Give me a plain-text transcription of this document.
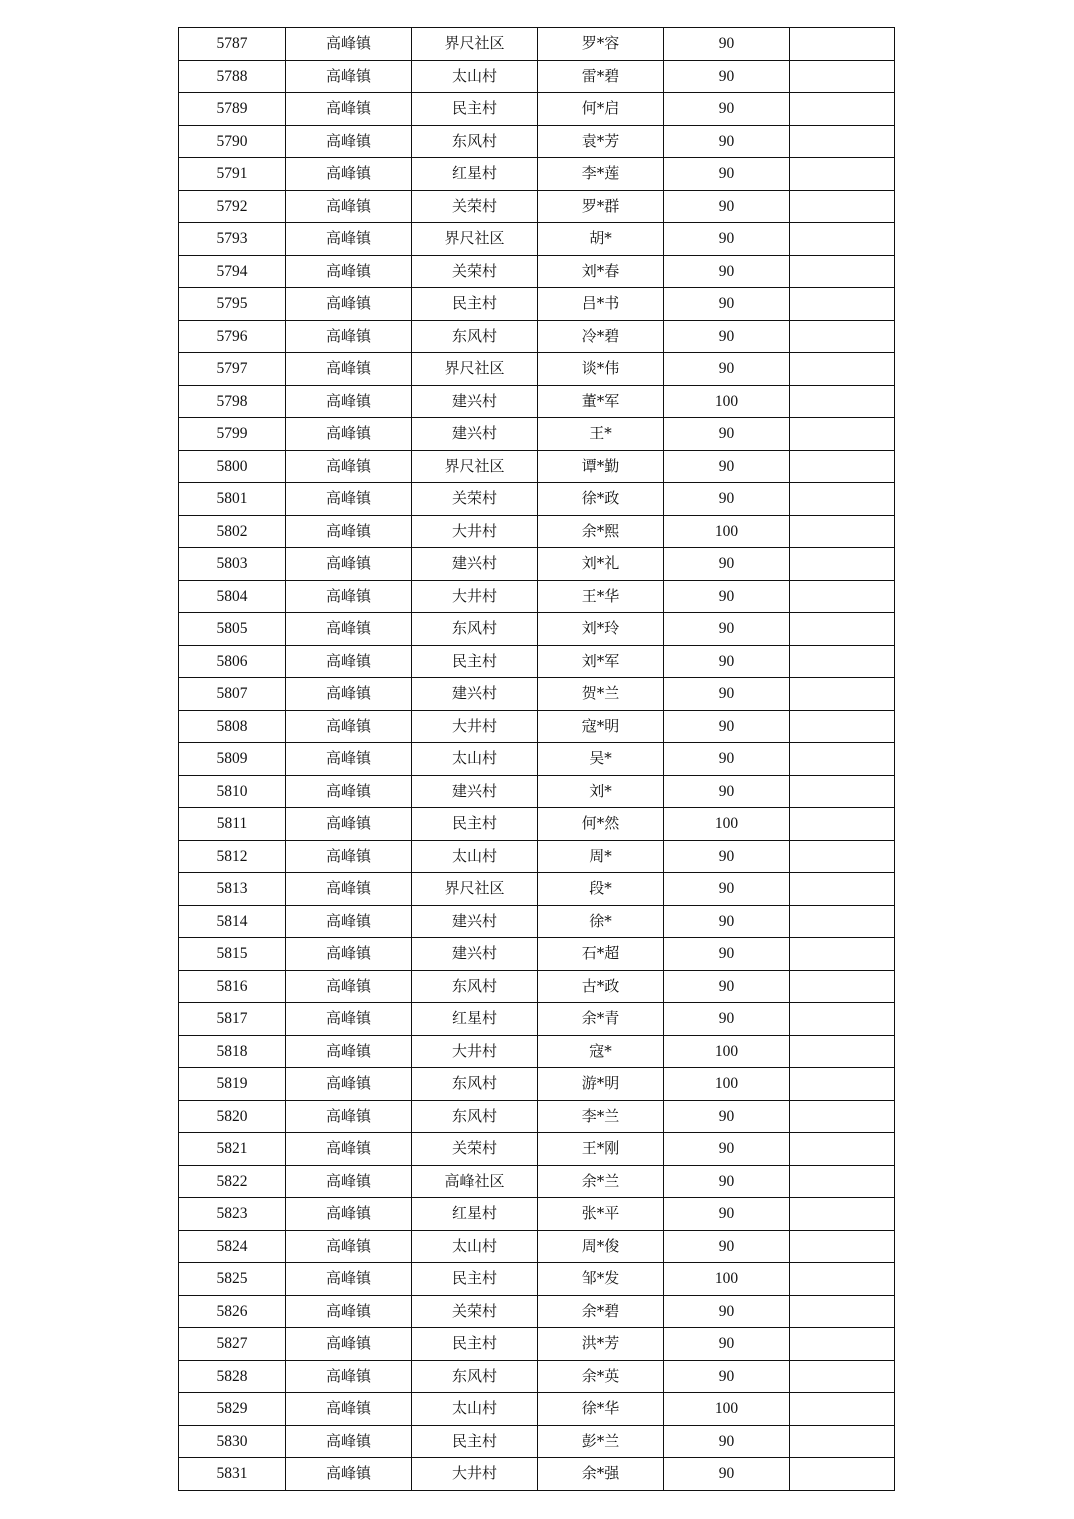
5787	高峰镇	界尺社区	罗*容	90	
5788	高峰镇	太山村	雷*碧	90	
5789	高峰镇	民主村	何*启	90	
5790	高峰镇	东风村	袁*芳	90	
5791	高峰镇	红星村	李*莲	90	
5792	高峰镇	关荣村	罗*群	90	
5793	高峰镇	界尺社区	胡*	90	
5794	高峰镇	关荣村	刘*春	90	
5795	高峰镇	民主村	吕*书	90	
5796	高峰镇	东风村	冷*碧	90	
5797	高峰镇	界尺社区	谈*伟	90	
5798	高峰镇	建兴村	董*军	100	
5799	高峰镇	建兴村	王*	90	
5800	高峰镇	界尺社区	谭*勤	90	
5801	高峰镇	关荣村	徐*政	90	
5802	高峰镇	大井村	余*熙	100	
5803	高峰镇	建兴村	刘*礼	90	
5804	高峰镇	大井村	王*华	90	
5805	高峰镇	东风村	刘*玲	90	
5806	高峰镇	民主村	刘*军	90	
5807	高峰镇	建兴村	贺*兰	90	
5808	高峰镇	大井村	寇*明	90	
5809	高峰镇	太山村	吴*	90	
5810	高峰镇	建兴村	刘*	90	
5811	高峰镇	民主村	何*然	100	
5812	高峰镇	太山村	周*	90	
5813	高峰镇	界尺社区	段*	90	
5814	高峰镇	建兴村	徐*	90	
5815	高峰镇	建兴村	石*超	90	
5816	高峰镇	东风村	古*政	90	
5817	高峰镇	红星村	余*青	90	
5818	高峰镇	大井村	寇*	100	
5819	高峰镇	东风村	游*明	100	
5820	高峰镇	东风村	李*兰	90	
5821	高峰镇	关荣村	王*刚	90	
5822	高峰镇	高峰社区	余*兰	90	
5823	高峰镇	红星村	张*平	90	
5824	高峰镇	太山村	周*俊	90	
5825	高峰镇	民主村	邹*发	100	
5826	高峰镇	关荣村	余*碧	90	
5827	高峰镇	民主村	洪*芳	90	
5828	高峰镇	东风村	余*英	90	
5829	高峰镇	太山村	徐*华	100	
5830	高峰镇	民主村	彭*兰	90	
5831	高峰镇	大井村	余*强	90	
